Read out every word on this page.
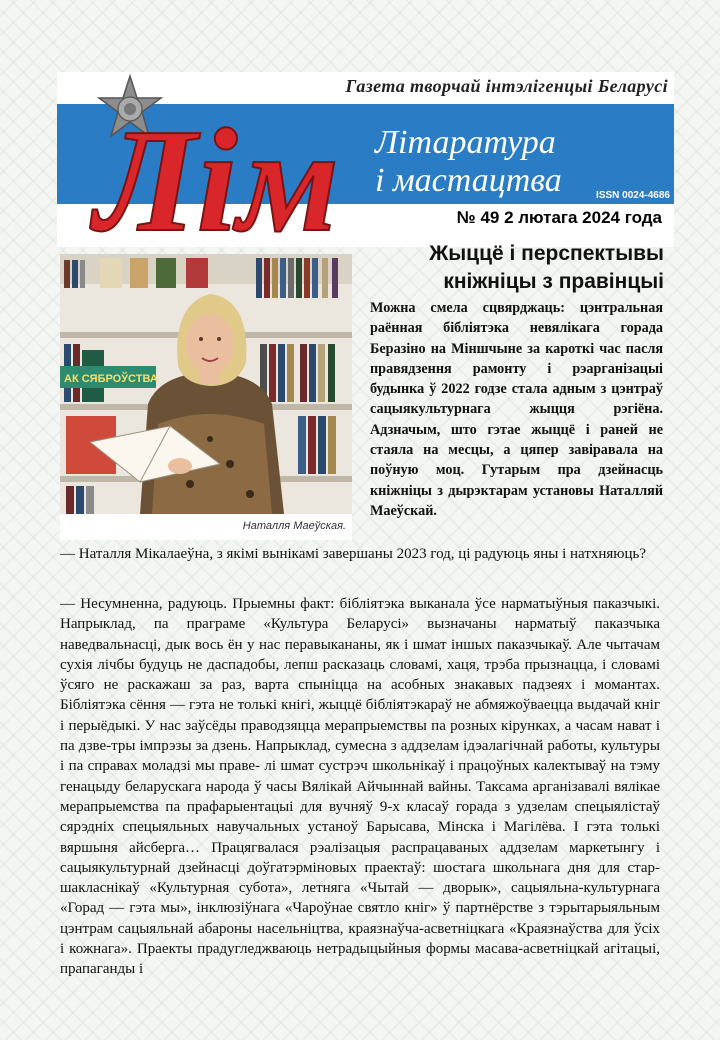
Газета творчай інтэлігенцыі Беларусі
Літаратура
і мастацтва	ISSN 0024-4686
Лім	№ 49 2 лютага 2024 года
Жыццё і перспектывы
кніжніцы з правінцыі
АК СЯБРОЎСТВА
Наталля Маеўская.
Можна смела сцвярджаць: цэнтральная раённая бібліятэка невялікага горада Беразіно на Міншчыне за кароткі час пасля правядзення рамонту і рэарганізацыі будынка ў 2022 годзе стала адным з цэнтраў сацыякультурнага жыцця рэгіёна. Адзначым, што гэтае жыццё і раней не стаяла на месцы, а цяпер завіравала на поўную моц. Гутарым пра дзейнасць кніжніцы з дырэктарам установы Наталляй Маеўскай.
— Наталля Мікалаеўна, з якімі вынікамі завершаны 2023 год, ці радуюць яны і натхняюць?
— Несумненна, радуюць. Прыемны факт: бібліятэка выканала ўсе нарматыўныя паказчыкі. Напрыклад, па праграме «Культура Беларусі» вызначаны нарматыў паказчыка наведвальнасці, дык вось ён у нас перавыкананы, як і шмат іншых паказчыкаў. Але чытачам сухія лічбы будуць не даспадобы, лепш расказаць словамі, хаця, трэба прызнацца, і словамі ўсяго не раскажаш за раз, варта спыніцца на асобных знакавых падзеях і момантах. Бібліятэка сёння — гэта не толькі кнігі, жыццё бібліятэкараў не абмяжоўваецца выдачай кніг і перыёдыкі. У нас заўсёды праводзяцца мерапрыемствы па розных кірунках, а часам нават і па дзве-тры імпрэзы за дзень. Напрыклад, сумесна з аддзелам ідэалагічнай работы, культуры і па справах моладзі мы праве- лі шмат сустрэч школьнікаў і працоўных калектываў на тэму генацыду беларускага народа ў часы Вялікай Айчыннай вайны. Таксама арганізавалі вялікае мерапрыемства па прафарыентацыі для вучняў 9-х класаў горада з удзелам спецыялістаў сярэдніх спецыяльных навучальных устаноў Барысава, Мінска і Магілёва. І гэта толькі вяршыня айсберга… Працягвалася рэалізацыя распрацаваных аддзелам маркетынгу і сацыякультурнай дзейнасці доўгатэрміновых праектаў: шостага школьнага дня для стар- шакласнікаў «Культурная субота», летняга «Чытай — дворык», сацыяльна-культурнага «Горад — гэта мы», інклюзіўнага «Чароўнае святло кніг» ў партнёрстве з тэрытарыяльным цэнтрам сацыяльнай абароны насельніцтва, краязнаўча-асветніцкага «Краязнаўства для ўсіх і кожнага». Праекты прадугледжваюць нетрадыцыйныя формы масава-асветніцкай агітацыі, прапаганды і
